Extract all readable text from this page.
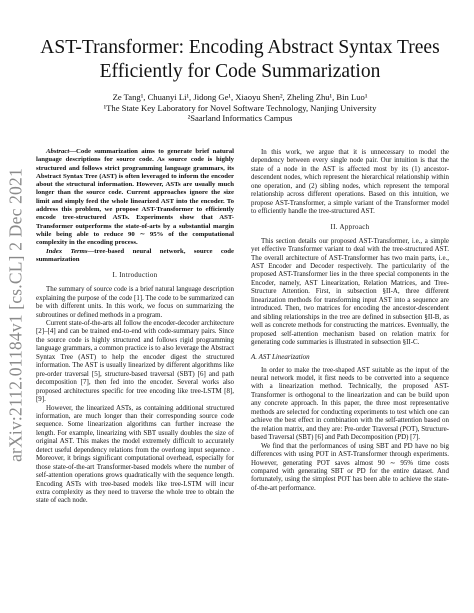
arXiv:2112.01184v1 [cs.CL] 2 Dec 2021
AST-Transformer: Encoding Abstract Syntax Trees Efficiently for Code Summarization
Ze Tang¹, Chuanyi Li¹, Jidong Ge¹, Xiaoyu Shen², Zheling Zhu¹, Bin Luo¹
¹The State Key Laboratory for Novel Software Technology, Nanjing University
²Saarland Informatics Campus

Abstract—Code summarization aims to generate brief natural language descriptions for source code. As source code is highly structured and follows strict programming language grammars, its Abstract Syntax Tree (AST) is often leveraged to inform the encoder about the structural information. However, ASTs are usually much longer than the source code. Current approaches ignore the size limit and simply feed the whole linearized AST into the encoder. To address this problem, we propose AST-Transformer to efficiently encode tree-structured ASTs. Experiments show that AST-Transformer outperforms the state-of-arts by a substantial margin while being able to reduce 90 ∼ 95% of the computational complexity in the encoding process.

Index Terms—tree-based neural network, source code summarization

I. Introduction

The summary of source code is a brief natural language description explaining the purpose of the code [1]. The code to be summarized can be with different units. In this work, we focus on summarizing the subroutines or defined methods in a program.

Current state-of-the-arts all follow the encoder-decoder architecture [2]–[4] and can be trained end-to-end with code-summary pairs. Since the source code is highly structured and follows rigid programming language grammars, a common practice is to also leverage the Abstract Syntax Tree (AST) to help the encoder digest the structured information. The AST is usually linearized by different algorithms like pre-order traversal [5], structure-based traversal (SBT) [6] and path decomposition [7], then fed into the encoder. Several works also proposed architectures specific for tree encoding like tree-LSTM [8], [9].

However, the linearized ASTs, as containing additional structured information, are much longer than their corresponding source code sequence. Some linearization algorithms can further increase the length. For example, linearizing with SBT usually doubles the size of original AST. This makes the model extremely difficult to accurately detect useful dependency relations from the overlong input sequence . Moreover, it brings significant computational overhead, especially for those state-of-the-art Transformer-based models where the number of self-attention operations grows quadratically with the sequence length. Encoding ASTs with tree-based models like tree-LSTM will incur extra complexity as they need to traverse the whole tree to obtain the state of each node.

In this work, we argue that it is unnecessary to model the dependency between every single node pair. Our intuition is that the state of a node in the AST is affected most by its (1) ancestor-descendent nodes, which represent the hierarchical relationship within one operation, and (2) sibling nodes, which represent the temporal relationship across different operations. Based on this intuition, we propose AST-Transformer, a simple variant of the Transformer model to efficiently handle the tree-structured AST.

II. Approach

This section details our proposed AST-Transformer, i.e., a simple yet effective Transformer variant to deal with the tree-structured AST. The overall architecture of AST-Transformer has two main parts, i.e., AST Encoder and Decoder respectively. The particularity of the proposed AST-Transformer lies in the three special components in the Encoder, namely, AST Linearization, Relation Matrices, and Tree-Structure Attention. First, in subsection §II-A, three different linearization methods for transforming input AST into a sequence are introduced. Then, two matrices for encoding the ancestor-descendent and sibling relationships in the tree are defined in subsection §II-B, as well as concrete methods for constructing the matrices. Eventually, the proposed self-attention mechanism based on relation matrix for generating code summaries is illustrated in subsection §II-C.

A. AST Linearization

In order to make the tree-shaped AST suitable as the input of the neural network model, it first needs to be converted into a sequence with a linearization method. Technically, the proposed AST-Transformer is orthogonal to the linearization and can be build upon any concrete approach. In this paper, the three most representative methods are selected for conducting experiments to test which one can achieve the best effect in combination with the self-attention based on the relation matrix, and they are: Pre-order Traversal (POT), Structure-based Traversal (SBT) [6] and Path Decomposition (PD) [7].

We find that the performances of using SBT and PD have no big differences with using POT in AST-Transformer through experiments. However, generating POT saves almost 90 ∼ 95% time costs compared with generating SBT or PD for the entire dataset. And fortunately, using the simplest POT has been able to achieve the state-of-the-art performance.
